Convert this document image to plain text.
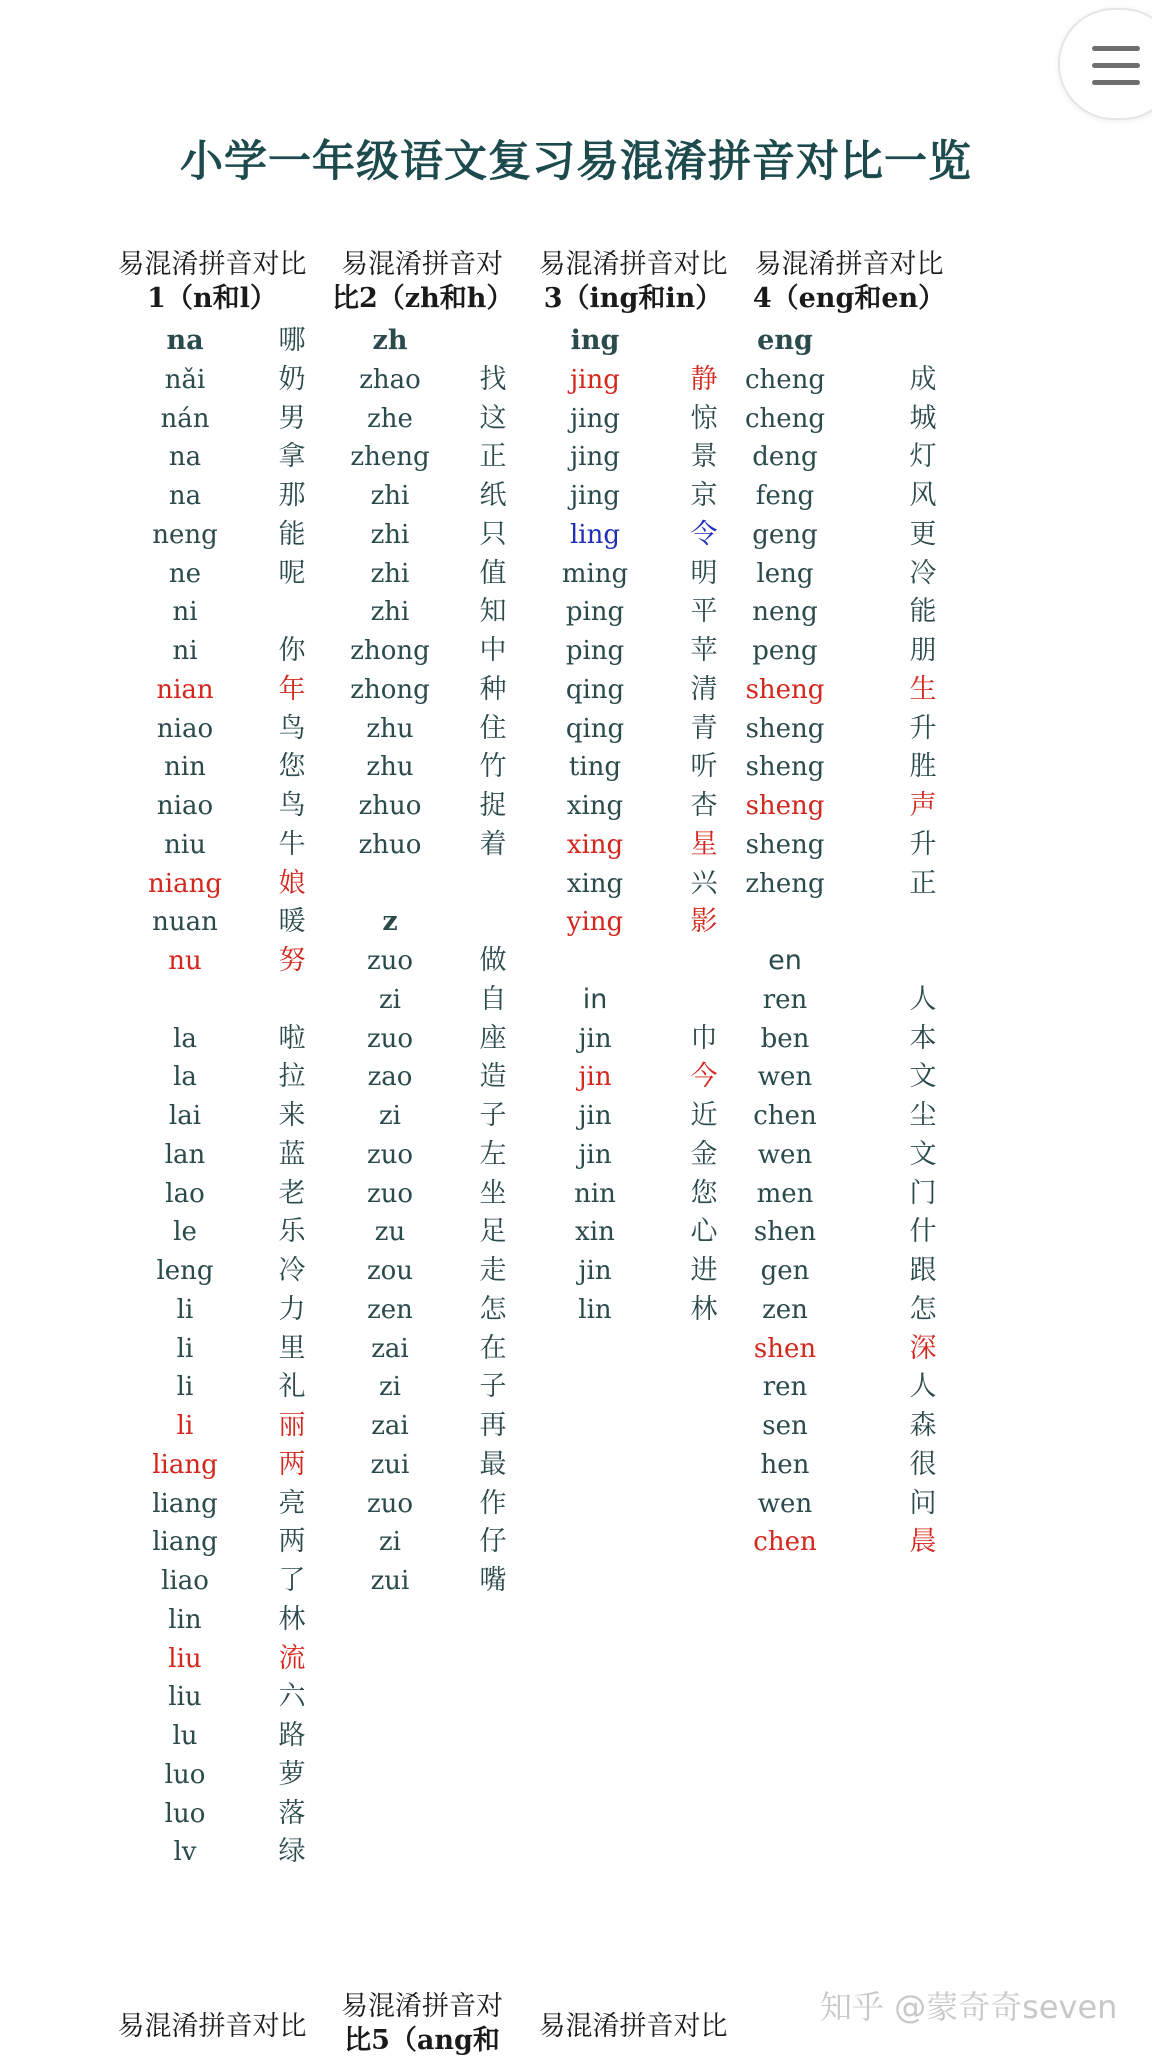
小学一年级语文复习易混淆拼音对比一览
易混淆拼音对比
1（n和l）
na	哪
nǎi	奶
nán	男
na	拿
na	那
neng	能
ne	呢
ni
ni	你
nian	年
niao	鸟
nin	您
niao	鸟
niu	牛
niang	娘
nuan	暖
nu	努
la	啦
la	拉
lai	来
lan	蓝
lao	老
le	乐
leng	冷
li	力
li	里
li	礼
li	丽
liang	两
liang	亮
liang	两
liao	了
lin	林
liu	流
liu	六
lu	路
luo	萝
luo	落
lv	绿
易混淆拼音对
比2（zh和h）
zh
zhao	找
zhe	这
zheng	正
zhi	纸
zhi	只
zhi	值
zhi	知
zhong	中
zhong	种
zhu	住
zhu	竹
zhuo	捉
zhuo	着
z
zuo	做
zi	自
zuo	座
zao	造
zi	子
zuo	左
zuo	坐
zu	足
zou	走
zen	怎
zai	在
zi	子
zai	再
zui	最
zuo	作
zi	仔
zui	嘴
易混淆拼音对比
3（ing和in）
ing
jing	静
jing	惊
jing	景
jing	京
ling	令
ming	明
ping	平
ping	苹
qing	清
qing	青
ting	听
xing	杏
xing	星
xing	兴
ying	影
in
jin	巾
jin	今
jin	近
jin	金
nin	您
xin	心
jin	进
lin	林
易混淆拼音对比
4（eng和en）
eng
cheng	成
cheng	城
deng	灯
feng	风
geng	更
leng	冷
neng	能
peng	朋
sheng	生
sheng	升
sheng	胜
sheng	声
sheng	升
zheng	正
en
ren	人
ben	本
wen	文
chen	尘
wen	文
men	门
shen	什
gen	跟
zen	怎
shen	深
ren	人
sen	森
hen	很
wen	问
chen	晨
易混淆拼音对比
易混淆拼音对
比5（ang和	易混淆拼音对比
知乎 @蒙奇奇seven
